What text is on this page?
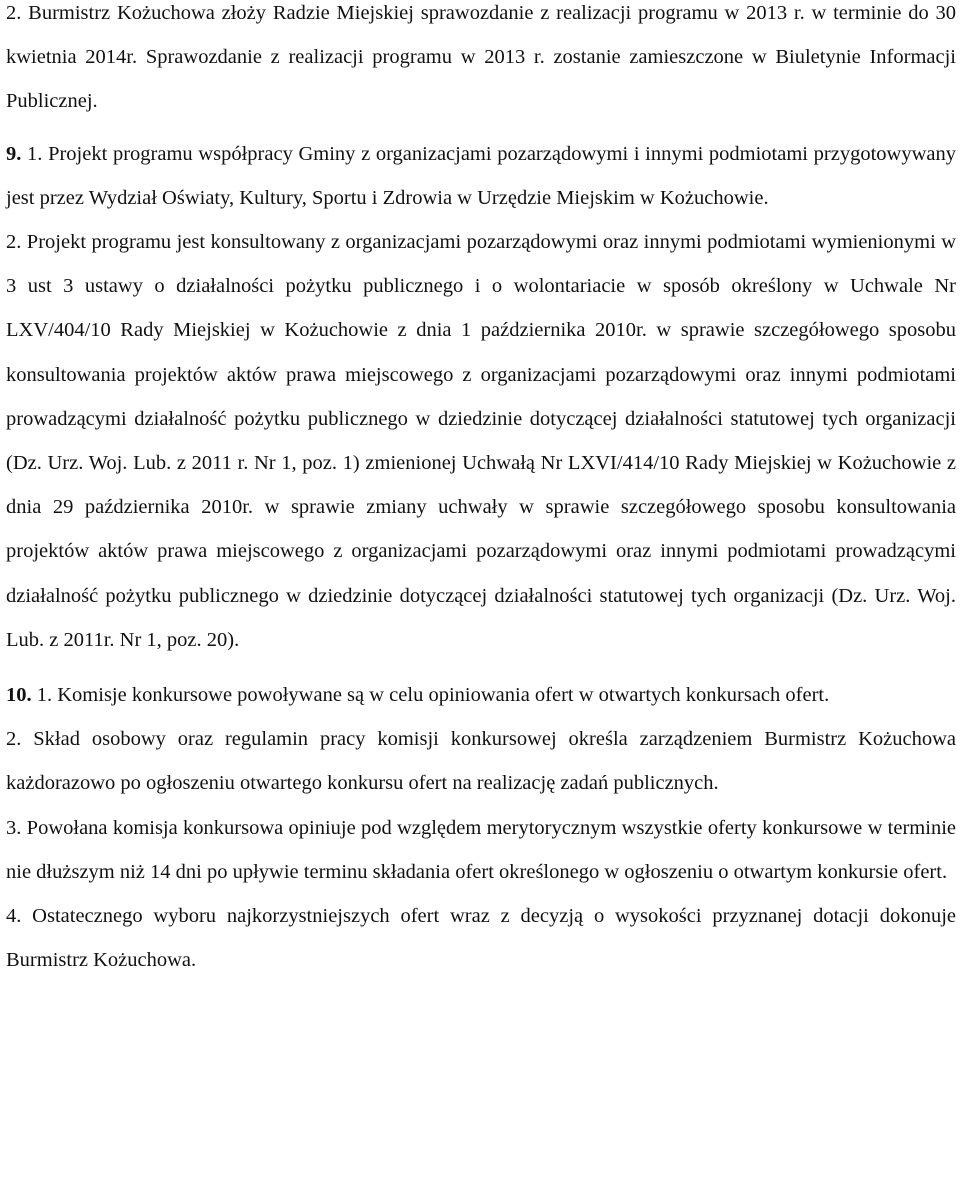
2. Burmistrz Kożuchowa złoży Radzie Miejskiej sprawozdanie z realizacji programu w 2013 r. w terminie do 30 kwietnia 2014r. Sprawozdanie z realizacji programu w 2013 r. zostanie zamieszczone w Biuletynie Informacji Publicznej.

9. 1. Projekt programu współpracy Gminy z organizacjami pozarządowymi i innymi podmiotami przygotowywany jest przez Wydział Oświaty, Kultury, Sportu i Zdrowia w Urzędzie Miejskim w Kożuchowie.

2. Projekt programu jest konsultowany z organizacjami pozarządowymi oraz innymi podmiotami wymienionymi w 3 ust 3 ustawy o działalności pożytku publicznego i o wolontariacie w sposób określony w Uchwale Nr LXV/404/10 Rady Miejskiej w Kożuchowie z dnia 1 października 2010r. w sprawie szczegółowego sposobu konsultowania projektów aktów prawa miejscowego z organizacjami pozarządowymi oraz innymi podmiotami prowadzącymi działalność pożytku publicznego w dziedzinie dotyczącej działalności statutowej tych organizacji (Dz. Urz. Woj. Lub. z 2011 r. Nr 1, poz. 1) zmienionej Uchwałą Nr LXVI/414/10 Rady Miejskiej w Kożuchowie z dnia 29 października 2010r. w sprawie zmiany uchwały w sprawie szczegółowego sposobu konsultowania projektów aktów prawa miejscowego z organizacjami pozarządowymi oraz innymi podmiotami prowadzącymi działalność pożytku publicznego w dziedzinie dotyczącej działalności statutowej tych organizacji (Dz. Urz. Woj. Lub. z 2011r. Nr 1, poz. 20).

10. 1. Komisje konkursowe powoływane są w celu opiniowania ofert w otwartych konkursach ofert.

2. Skład osobowy oraz regulamin pracy komisji konkursowej określa zarządzeniem Burmistrz Kożuchowa każdorazowo po ogłoszeniu otwartego konkursu ofert na realizację zadań publicznych.

3. Powołana komisja konkursowa opiniuje pod względem merytorycznym wszystkie oferty konkursowe w terminie nie dłuższym niż 14 dni po upływie terminu składania ofert określonego w ogłoszeniu o otwartym konkursie ofert.

4. Ostatecznego wyboru najkorzystniejszych ofert wraz z decyzją o wysokości przyznanej dotacji dokonuje Burmistrz Kożuchowa.
